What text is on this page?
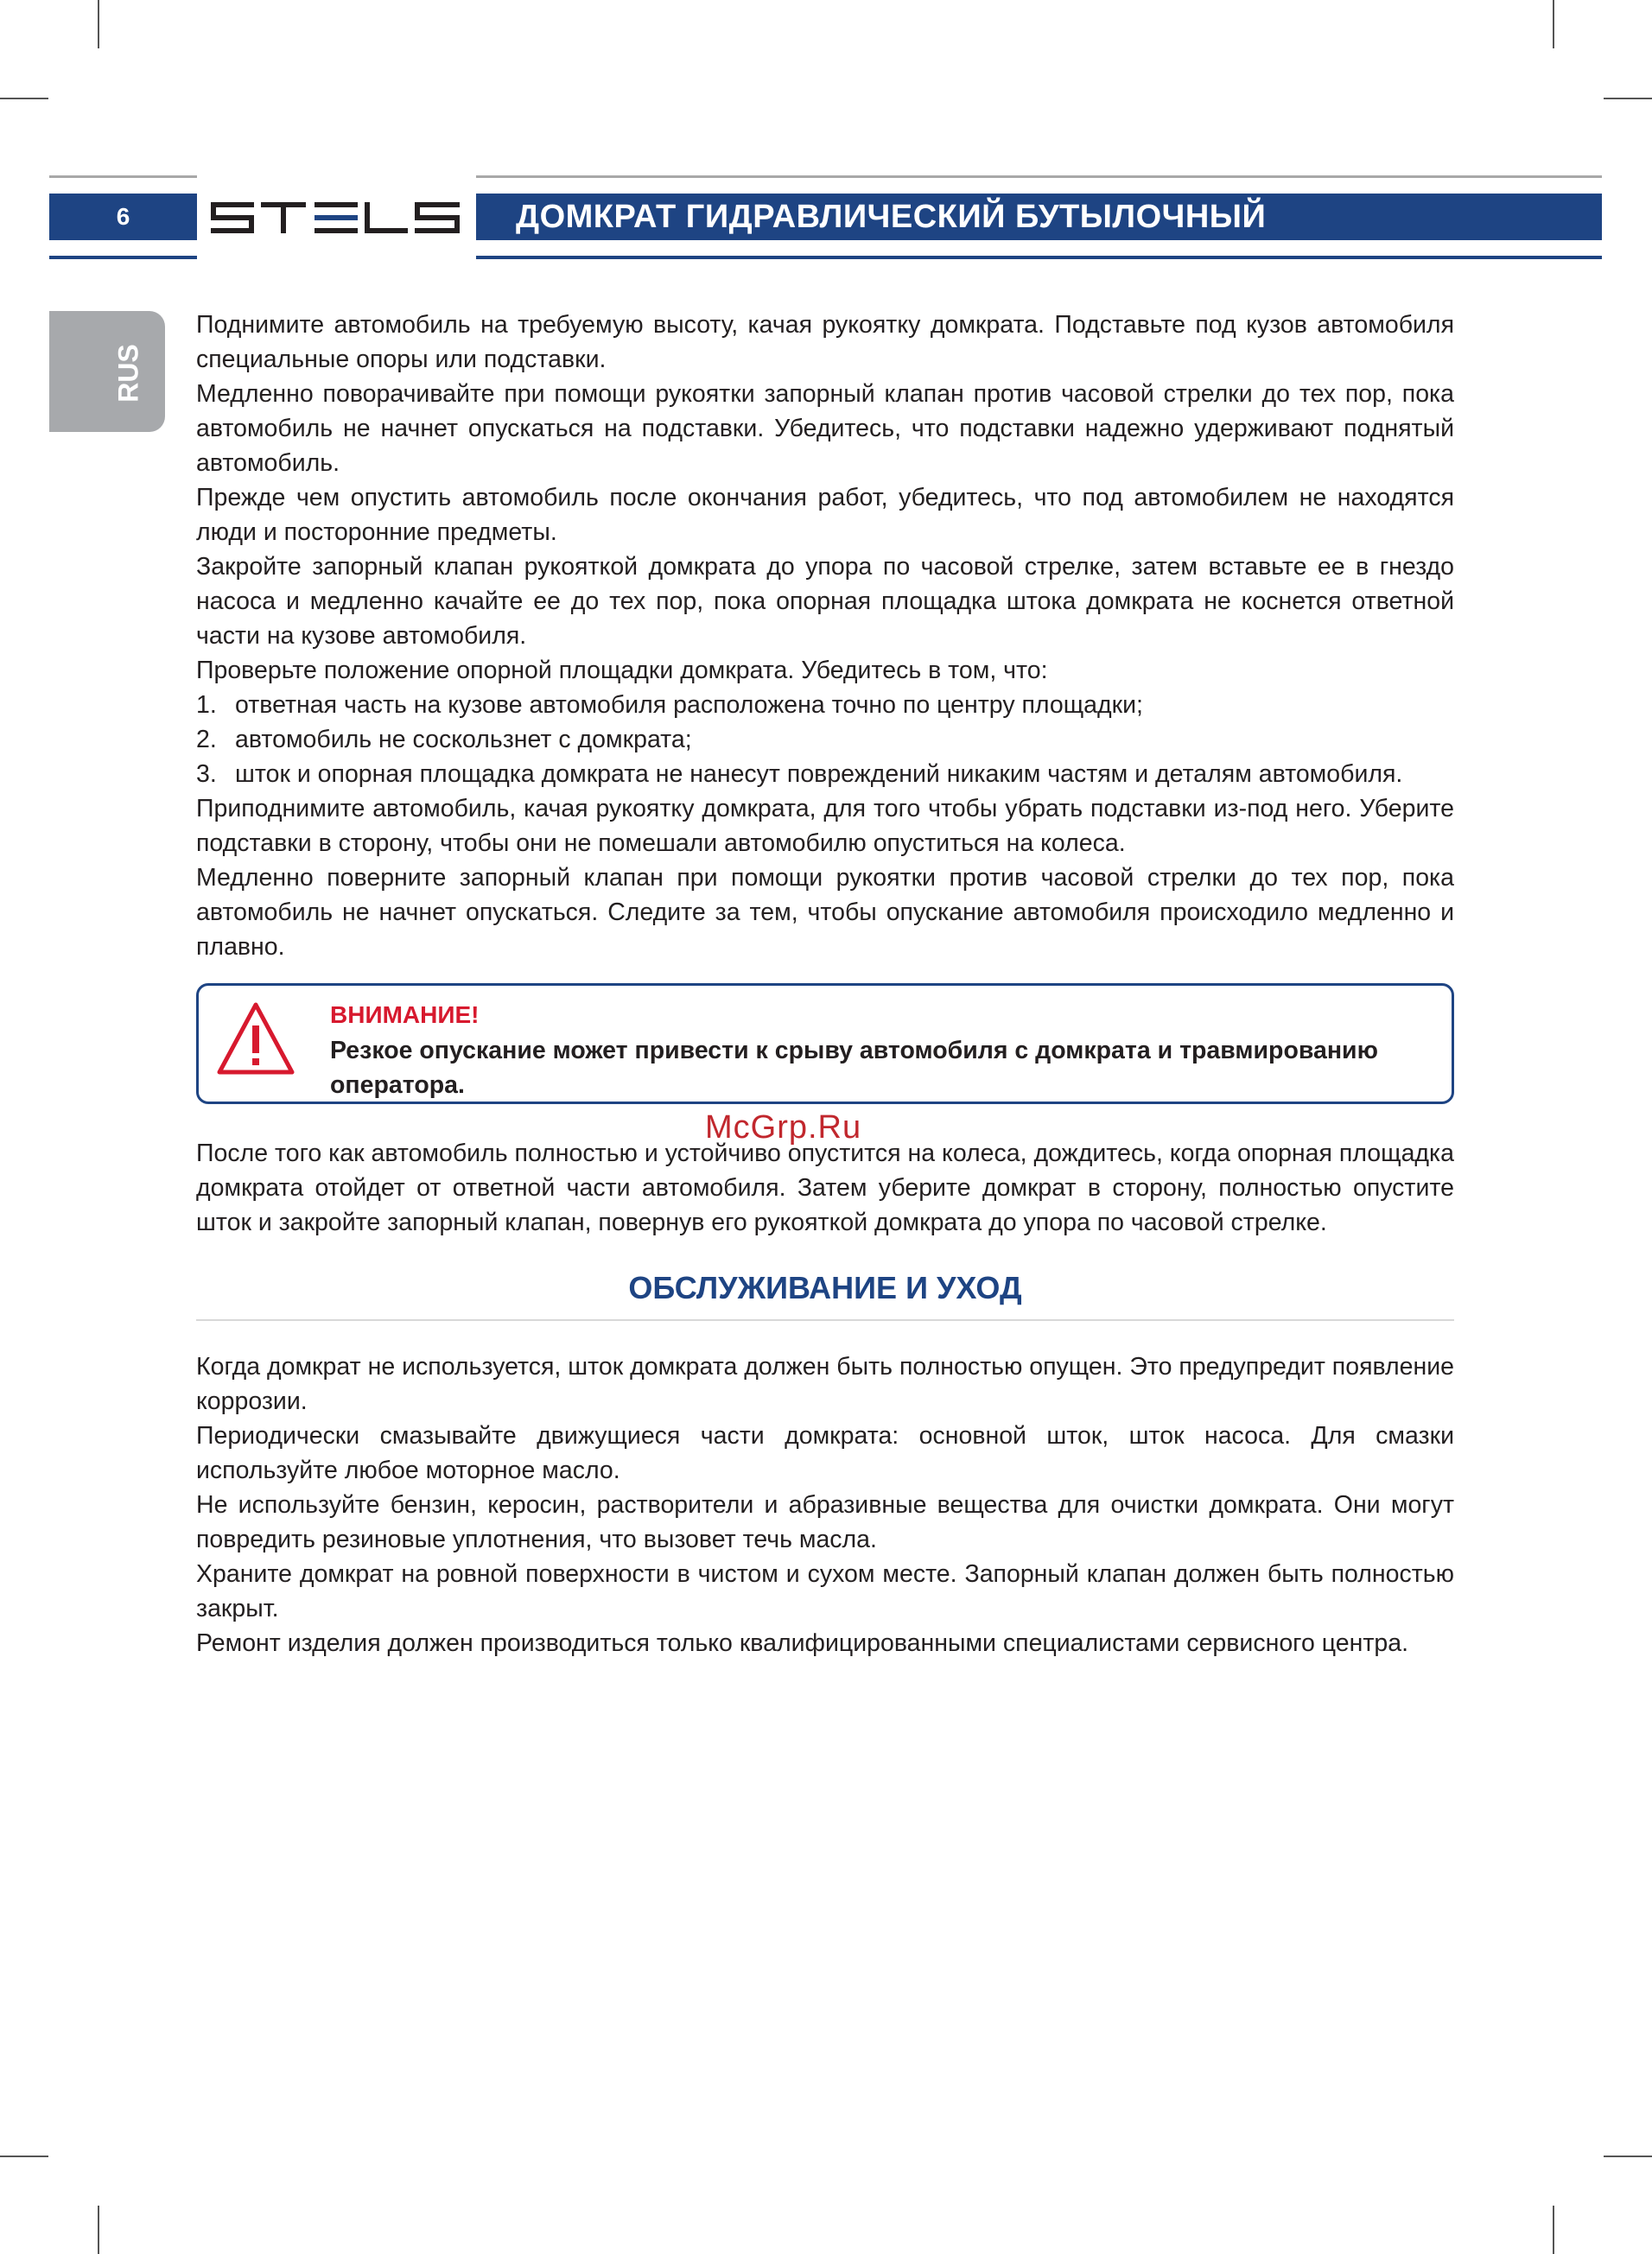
6	ДОМКРАТ ГИДРАВЛИЧЕСКИЙ БУТЫЛОЧНЫЙ
RUS

Поднимите автомобиль на требуемую высоту, качая рукоятку домкрата. Подставьте под кузов автомобиля специальные опоры или подставки.

Медленно поворачивайте при помощи рукоятки запорный клапан против часовой стрелки до тех пор, пока автомобиль не начнет опускаться на подставки. Убедитесь, что подставки надежно удерживают поднятый автомобиль.

Прежде чем опустить автомобиль после окончания работ, убедитесь, что под автомобилем не находятся люди и посторонние предметы.

Закройте запорный клапан рукояткой домкрата до упора по часовой стрелке, затем вставьте ее в гнездо насоса и медленно качайте ее до тех пор, пока опорная площадка штока домкрата не коснется ответной части на кузове автомобиля.

Проверьте положение опорной площадки домкрата. Убедитесь в том, что:

1. ответная часть на кузове автомобиля расположена точно по центру площадки;
2. автомобиль не соскользнет с домкрата;
3. шток и опорная площадка домкрата не нанесут повреждений никаким частям и деталям автомобиля.

Приподнимите автомобиль, качая рукоятку домкрата, для того чтобы убрать подставки из-под него. Уберите подставки в сторону, чтобы они не помешали автомобилю опуститься на колеса.

Медленно поверните запорный клапан при помощи рукоятки против часовой стрелки до тех пор, пока автомобиль не начнет опускаться. Следите за тем, чтобы опускание автомобиля происходило медленно и плавно.

ВНИМАНИЕ!
Резкое опускание может привести к срыву автомобиля с домкрата и травмированию оператора.
McGrp.Ru

После того как автомобиль полностью и устойчиво опустится на колеса, дождитесь, когда опорная площадка домкрата отойдет от ответной части автомобиля. Затем уберите домкрат в сторону, полностью опустите шток и закройте запорный клапан, повернув его рукояткой домкрата до упора по часовой стрелке.

ОБСЛУЖИВАНИЕ И УХОД

Когда домкрат не используется, шток домкрата должен быть полностью опущен. Это предупредит появление коррозии.

Периодически смазывайте движущиеся части домкрата: основной шток, шток насоса. Для смазки используйте любое моторное масло.

Не используйте бензин, керосин, растворители и абразивные вещества для очистки домкрата. Они могут повредить резиновые уплотнения, что вызовет течь масла.

Храните домкрат на ровной поверхности в чистом и сухом месте. Запорный клапан должен быть полностью закрыт.

Ремонт изделия должен производиться только квалифицированными специалистами сервисного центра.
